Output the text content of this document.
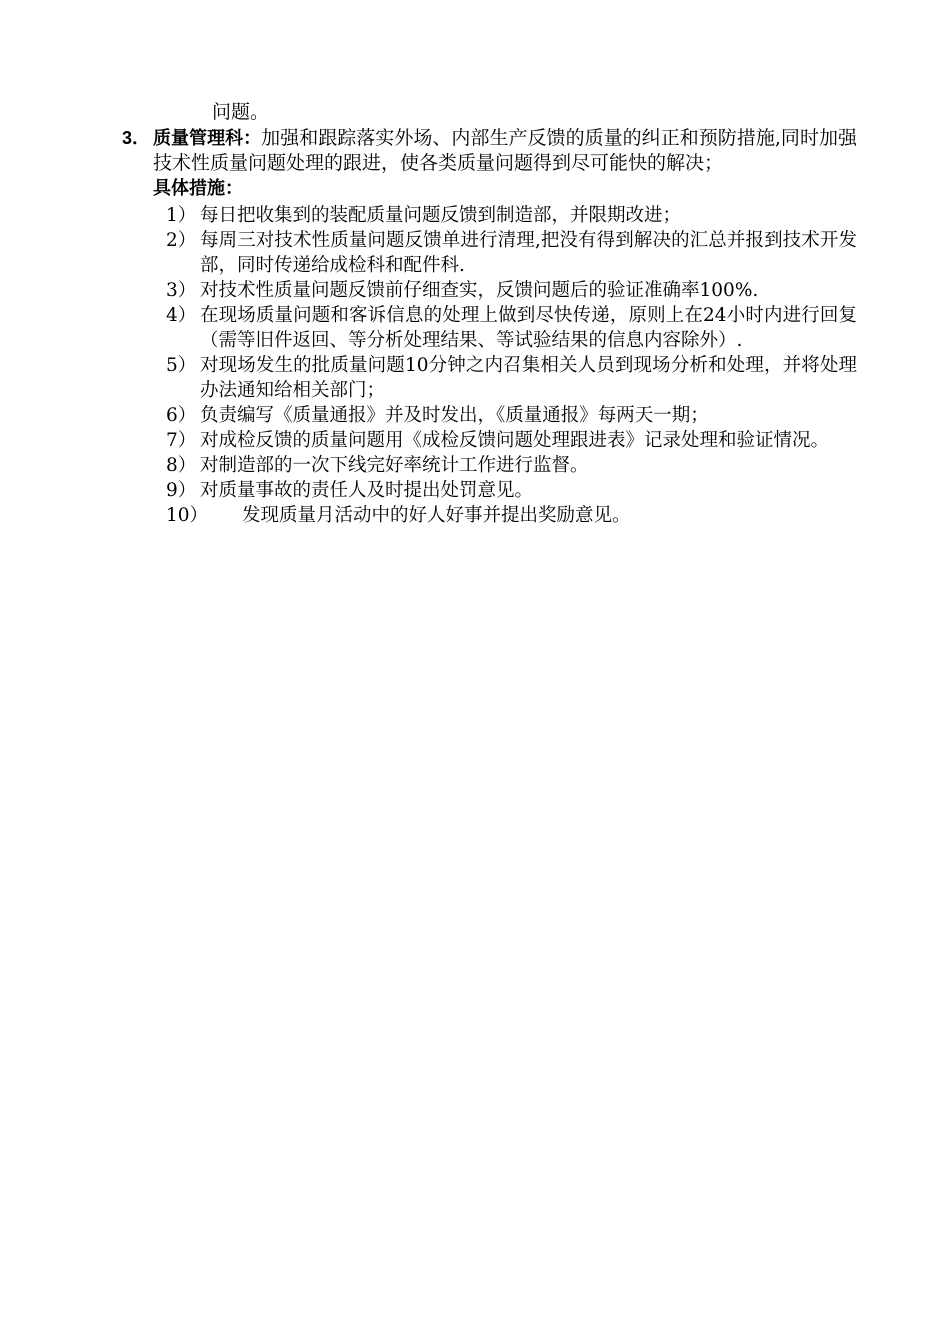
问题。
3． 质量管理科：加强和跟踪落实外场、内部生产反馈的质量的纠正和预防措施,同时加强技术性质量问题处理的跟进，使各类质量问题得到尽可能快的解决；
具体措施：
1） 每日把收集到的装配质量问题反馈到制造部，并限期改进；
2） 每周三对技术性质量问题反馈单进行清理,把没有得到解决的汇总并报到技术开发部，同时传递给成检科和配件科.
3） 对技术性质量问题反馈前仔细查实，反馈问题后的验证准确率100%.
4） 在现场质量问题和客诉信息的处理上做到尽快传递，原则上在24小时内进行回复（需等旧件返回、等分析处理结果、等试验结果的信息内容除外）.
5） 对现场发生的批质量问题10分钟之内召集相关人员到现场分析和处理，并将处理办法通知给相关部门；
6） 负责编写《质量通报》并及时发出，《质量通报》每两天一期；
7） 对成检反馈的质量问题用《成检反馈问题处理跟进表》记录处理和验证情况。
8） 对制造部的一次下线完好率统计工作进行监督。
9） 对质量事故的责任人及时提出处罚意见。
10） 发现质量月活动中的好人好事并提出奖励意见。
